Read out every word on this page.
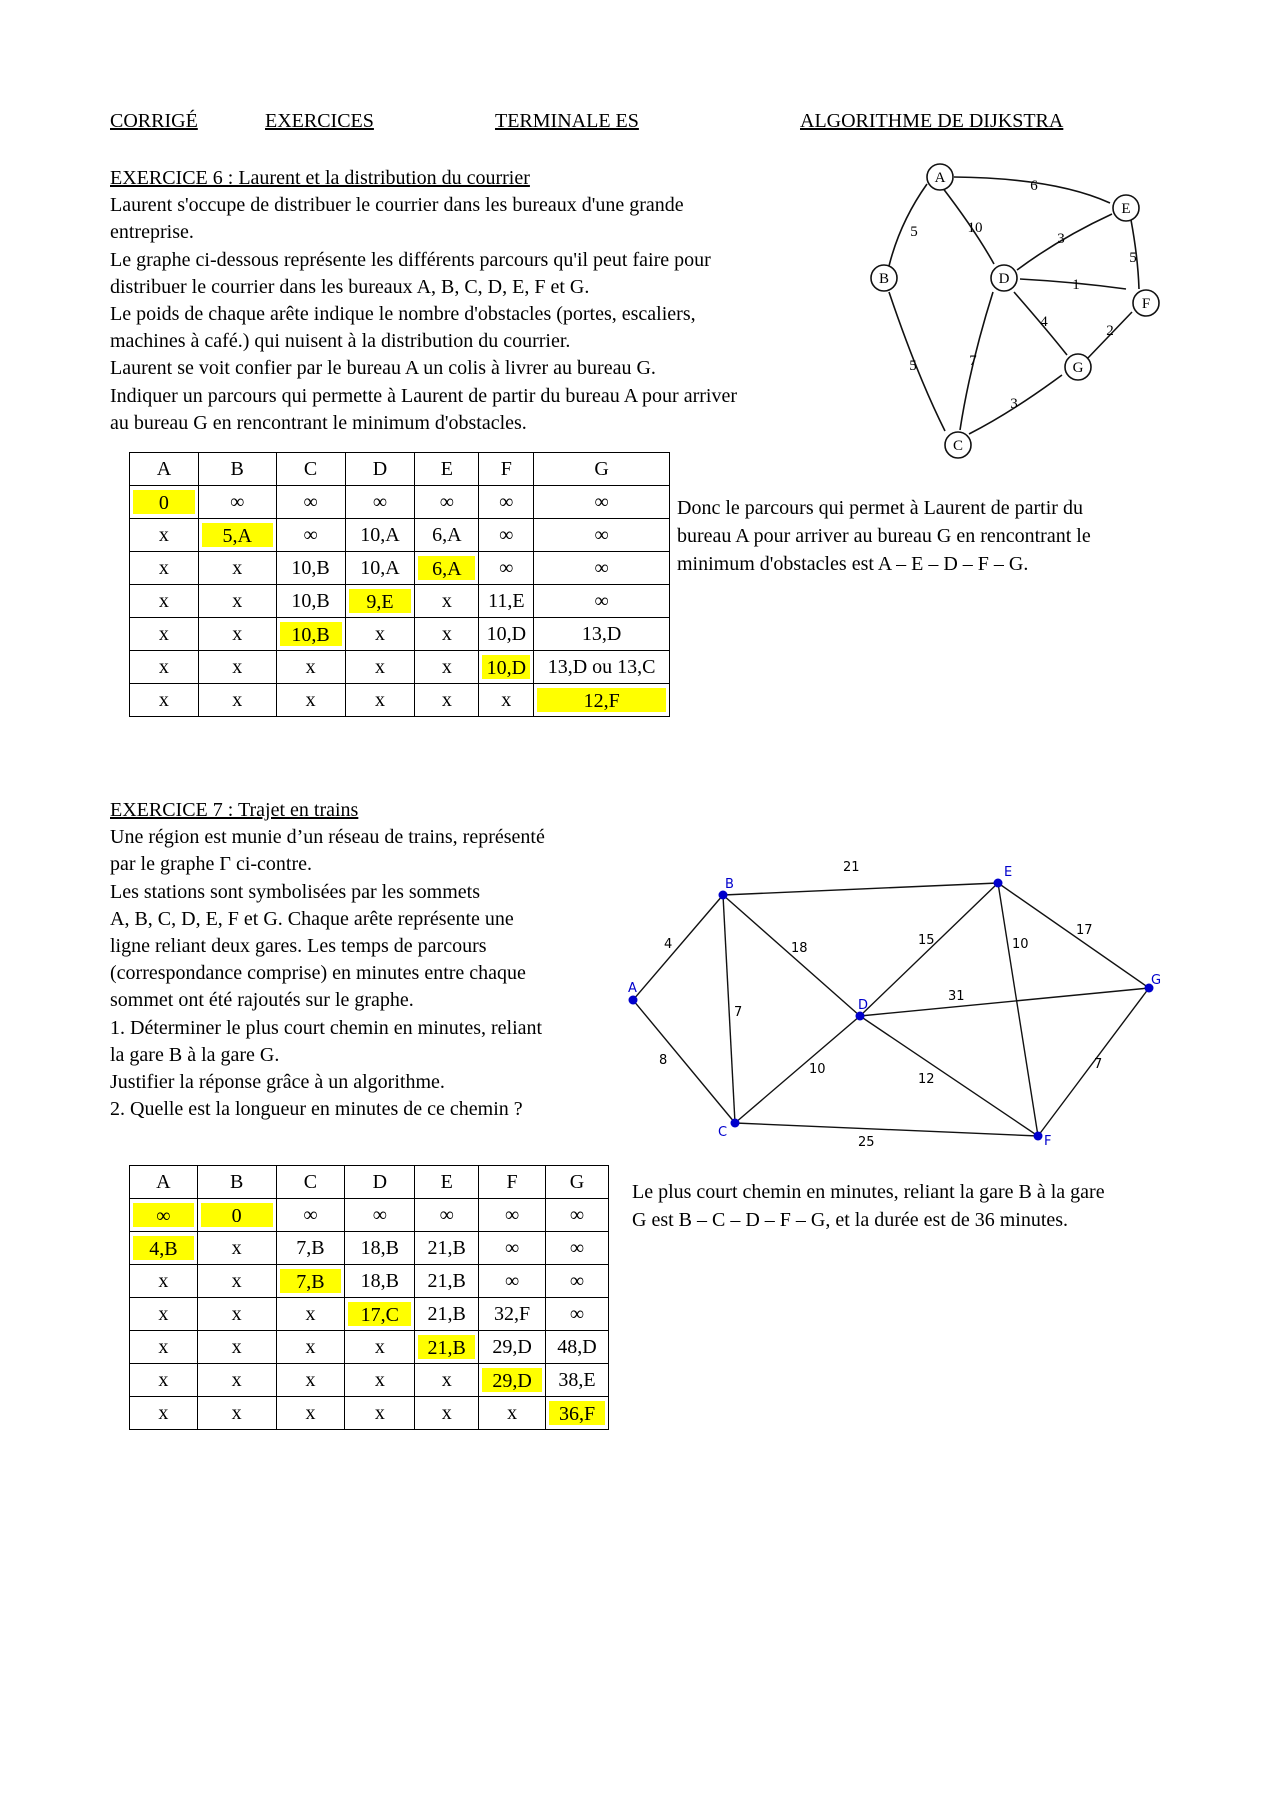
CORRIGÉ	EXERCICES	TERMINALE ES	ALGORITHME DE DIJKSTRA
EXERCICE 6 : Laurent et la distribution du courrier
Laurent s'occupe de distribuer le courrier dans les bureaux d'une grande
entreprise.
Le graphe ci-dessous représente les différents parcours qu'il peut faire pour
distribuer le courrier dans les bureaux A, B, C, D, E, F et G.
Le poids de chaque arête indique le nombre d'obstacles (portes, escaliers,
machines à café.) qui nuisent à la distribution du courrier.
Laurent se voit confier par le bureau A un colis à livrer au bureau G.
Indiquer un parcours qui permette à Laurent de partir du bureau A pour arriver
au bureau G en rencontrant le minimum d'obstacles.
A
B
C
D
E
F
G
6
5	10
3
5
1
4
2
5	7
3
A	B	C	D	E	F	G

0	∞	∞	∞	∞	∞	∞
x	5,A	∞	10,A	6,A	∞	∞
x	x	10,B	10,A	6,A	∞	∞
x	x	10,B	9,E	x	11,E	∞
x	x	10,B	x	x	10,D	13,D
x	x	x	x	x	10,D	13,D ou 13,C
x	x	x	x	x	x	12,F
Donc le parcours qui permet à Laurent de partir du
bureau A pour arriver au bureau G en rencontrant le
minimum d'obstacles est A – E – D – F – G.
EXERCICE 7 : Trajet en trains
Une région est munie d’un réseau de trains, représenté
par le graphe Γ ci-contre.
Les stations sont symbolisées par les sommets
A, B, C, D, E, F et G. Chaque arête représente une
ligne reliant deux gares. Les temps de parcours
(correspondance comprise) en minutes entre chaque
sommet ont été rajoutés sur le graphe.
1. Déterminer le plus court chemin en minutes, reliant
la gare B à la gare G.
Justifier la réponse grâce à un algorithme.
2. Quelle est la longueur en minutes de ce chemin ?
A
B
C
D
E
F
G
21
4	18
15	10
17
7
31
8
10
12
7
25
A	B	C	D	E	F	G

∞	0	∞	∞	∞	∞	∞

4,B	x	7,B	18,B	21,B	∞	∞
x	x	7,B	18,B	21,B	∞	∞
x	x	x	17,C	21,B	32,F	∞
x	x	x	x	21,B	29,D	48,D
x	x	x	x	x	29,D	38,E
x	x	x	x	x	x	36,F
Le plus court chemin en minutes, reliant la gare B à la gare
G est B – C – D – F – G, et la durée est de 36 minutes.
